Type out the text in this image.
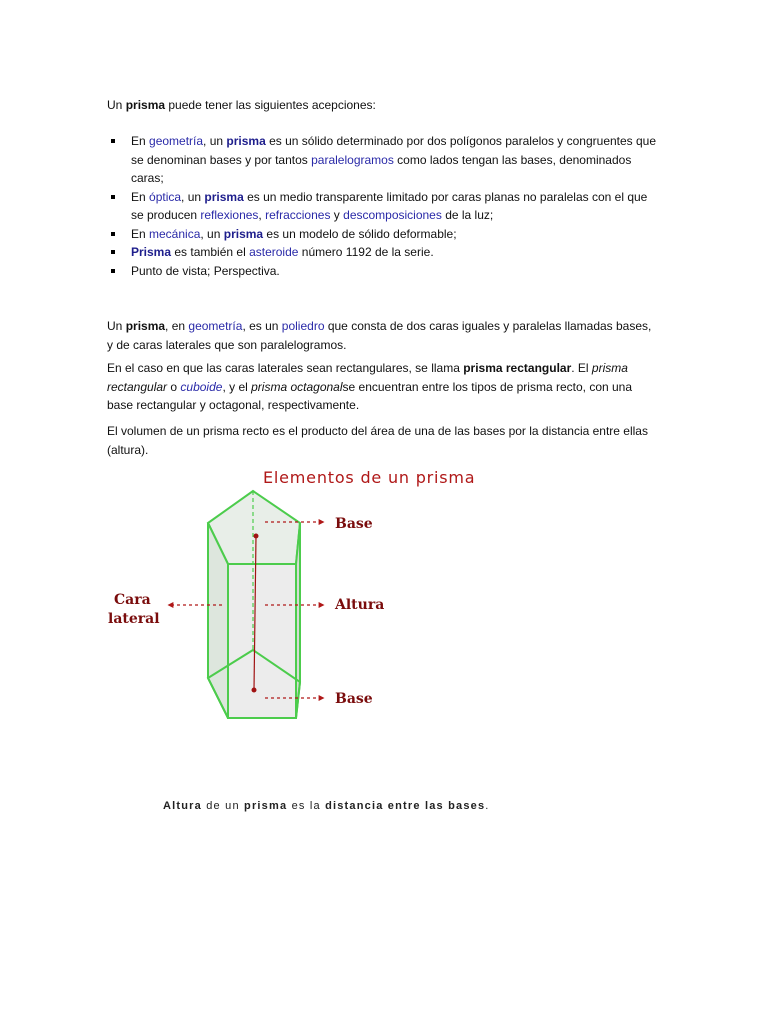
Un prisma puede tener las siguientes acepciones:

En geometría, un prisma es un sólido determinado por dos polígonos paralelos y congruentes que se denominan bases y por tantos paralelogramos como lados tengan las bases, denominados caras;
En óptica, un prisma es un medio transparente limitado por caras planas no paralelas con el que se producen reflexiones, refracciones y descomposiciones de la luz;
En mecánica, un prisma es un modelo de sólido deformable;
Prisma es también el asteroide número 1192 de la serie.
Punto de vista; Perspectiva.

Un prisma, en geometría, es un poliedro que consta de dos caras iguales y paralelas llamadas bases, y de caras laterales que son paralelogramos.

En el caso en que las caras laterales sean rectangulares, se llama prisma rectangular. El prisma rectangular o cuboide, y el prisma octagonalse encuentran entre los tipos de prisma recto, con una base rectangular y octagonal, respectivamente.

El volumen de un prisma recto es el producto del área de una de las bases por la distancia entre ellas (altura).

Elementos de un prisma
Base
Altura
Base
Cara
lateral
Altura de un prisma es la distancia entre las bases.
